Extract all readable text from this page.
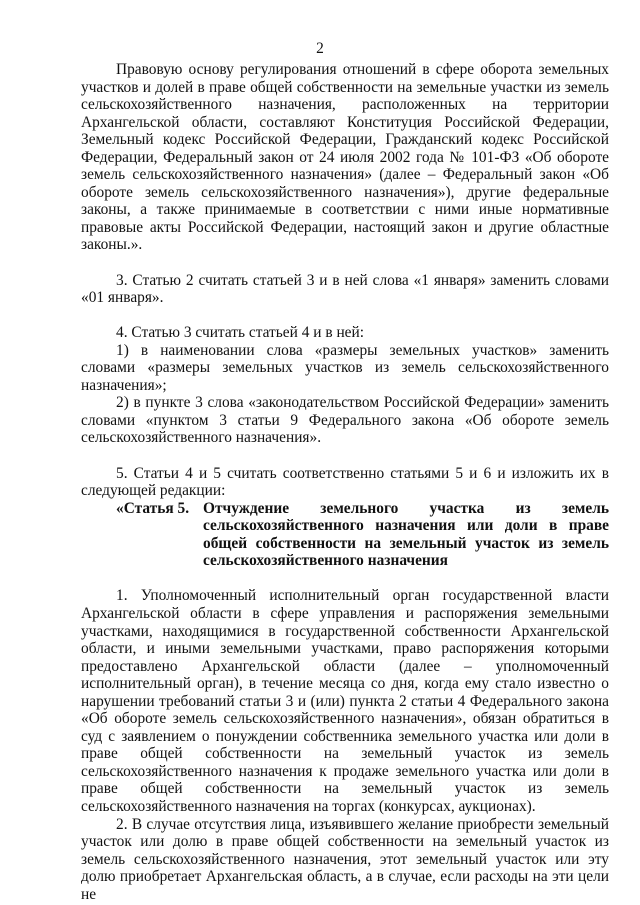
2

Правовую основу регулирования отношений в сфере оборота земельных участков и долей в праве общей собственности на земельные участки из земель сельскохозяйственного назначения, расположенных на территории Архангельской области, составляют Конституция Российской Федерации, Земельный кодекс Российской Федерации, Гражданский кодекс Российской Федерации, Федеральный закон от 24 июля 2002 года № 101-ФЗ «Об обороте земель сельскохозяйственного назначения» (далее – Федеральный закон «Об обороте земель сельскохозяйственного назначения»), другие федеральные законы, а также принимаемые в соответствии с ними иные нормативные правовые акты Российской Федерации, настоящий закон и другие областные законы.».

3. Статью 2 считать статьей 3 и в ней слова «1 января» заменить словами «01 января».

4. Статью 3 считать статьей 4 и в ней:

1) в наименовании слова «размеры земельных участков» заменить словами «размеры земельных участков из земель сельскохозяйственного назначения»;

2) в пункте 3 слова «законодательством Российской Федерации» заменить словами «пунктом 3 статьи 9 Федерального закона «Об обороте земель сельскохозяйственного назначения».

5. Статьи 4 и 5 считать соответственно статьями 5 и 6 и изложить их в следующей редакции:

«Статья 5. Отчуждение земельного участка из земель сельскохозяйственного назначения или доли в праве общей собственности на земельный участок из земель сельскохозяйственного назначения

1. Уполномоченный исполнительный орган государственной власти Архангельской области в сфере управления и распоряжения земельными участками, находящимися в государственной собственности Архангельской области, и иными земельными участками, право распоряжения которыми предоставлено Архангельской области (далее – уполномоченный исполнительный орган), в течение месяца со дня, когда ему стало известно о нарушении требований статьи 3 и (или) пункта 2 статьи 4 Федерального закона «Об обороте земель сельскохозяйственного назначения», обязан обратиться в суд с заявлением о понуждении собственника земельного участка или доли в праве общей собственности на земельный участок из земель сельскохозяйственного назначения к продаже земельного участка или доли в праве общей собственности на земельный участок из земель сельскохозяйственного назначения на торгах (конкурсах, аукционах).

2. В случае отсутствия лица, изъявившего желание приобрести земельный участок или долю в праве общей собственности на земельный участок из земель сельскохозяйственного назначения, этот земельный участок или эту долю приобретает Архангельская область, а в случае, если расходы на эти цели не
